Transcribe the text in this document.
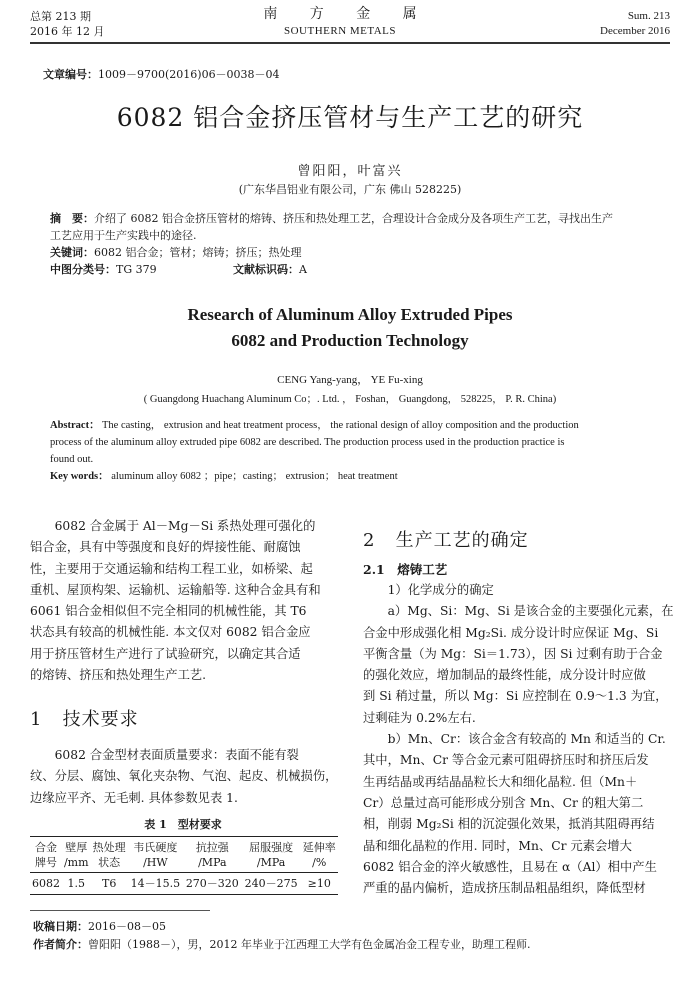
总第 213 期
2016 年 12 月
南 方 金 属
SOUTHERN METALS
Sum. 213
December 2016
文章编号：1009－9700(2016)06－0038－04
6082 铝合金挤压管材与生产工艺的研究
曾阳阳，叶富兴
(广东华昌铝业有限公司，广东 佛山 528225)
摘　要：介绍了 6082 铝合金挤压管材的熔铸、挤压和热处理工艺，合理设计合金成分及各项生产工艺，寻找出生产
工艺应用于生产实践中的途径.
关键词：6082 铝合金；管材；熔铸；挤压；热处理
中图分类号：TG 379	文献标识码：A
Research of Aluminum Alloy Extruded Pipes
6082 and Production Technology
CENG Yang-yang， YE Fu-xing
( Guangdong Huachang Aluminum Co；. Ltd. ， Foshan， Guangdong， 528225， P. R. China)
Abstract： The casting， extrusion and heat treatment process， the rational design of alloy composition and the production
process of the aluminum alloy extruded pipe 6082 are described. The production process used in the production practice is
found out.
Key words： aluminum alloy 6082 ；pipe；casting； extrusion； heat treatment
6082 合金属于 Al－Mg－Si 系热处理可强化的
铝合金，具有中等强度和良好的焊接性能、耐腐蚀
性，主要用于交通运输和结构工程工业，如桥梁、起
重机、屋顶构架、运输机、运输船等. 这种合金具有和
6061 铝合金相似但不完全相同的机械性能，其 T6
状态具有较高的机械性能. 本文仅对 6082 铝合金应
用于挤压管材生产进行了试验研究，以确定其合适
的熔铸、挤压和热处理生产工艺.
1 技术要求
6082 合金型材表面质量要求：表面不能有裂
纹、分层、腐蚀、氧化夹杂物、气泡、起皮、机械损伤，
边缘应平齐、无毛刺. 具体参数见表 1.
表 1　型材要求
合金	壁厚	热处理	韦氏硬度	抗拉强	屈服强度	延伸率
牌号	/mm	状态	/HW	/MPa	/MPa	/%
6082	1.5	T6	14－15.5	270－320	240－275	≥10
2 生产工艺的确定
2.1　熔铸工艺
1）化学成分的确定
a）Mg、Si：Mg、Si 是该合金的主要强化元素，在
合金中形成强化相 Mg₂Si. 成分设计时应保证 Mg、Si
平衡含量（为 Mg：Si＝1.73），因 Si 过剩有助于合金
的强化效应，增加制品的最终性能，成分设计时应做
到 Si 稍过量，所以 Mg：Si 应控制在 0.9～1.3 为宜，
过剩硅为 0.2%左右.
b）Mn、Cr：该合金含有较高的 Mn 和适当的 Cr.
其中，Mn、Cr 等合金元素可阻碍挤压时和挤压后发
生再结晶或再结晶晶粒长大和细化晶粒. 但（Mn＋
Cr）总量过高可能形成分别含 Mn、Cr 的粗大第二
相，削弱 Mg₂Si 相的沉淀强化效果，抵消其阻碍再结
晶和细化晶粒的作用. 同时，Mn、Cr 元素会增大
6082 铝合金的淬火敏感性，且易在 α（Al）相中产生
严重的晶内偏析，造成挤压制品粗晶组织，降低型材
收稿日期：2016－08－05
作者简介：曾阳阳（1988－），男，2012 年毕业于江西理工大学有色金属冶金工程专业，助理工程师.
